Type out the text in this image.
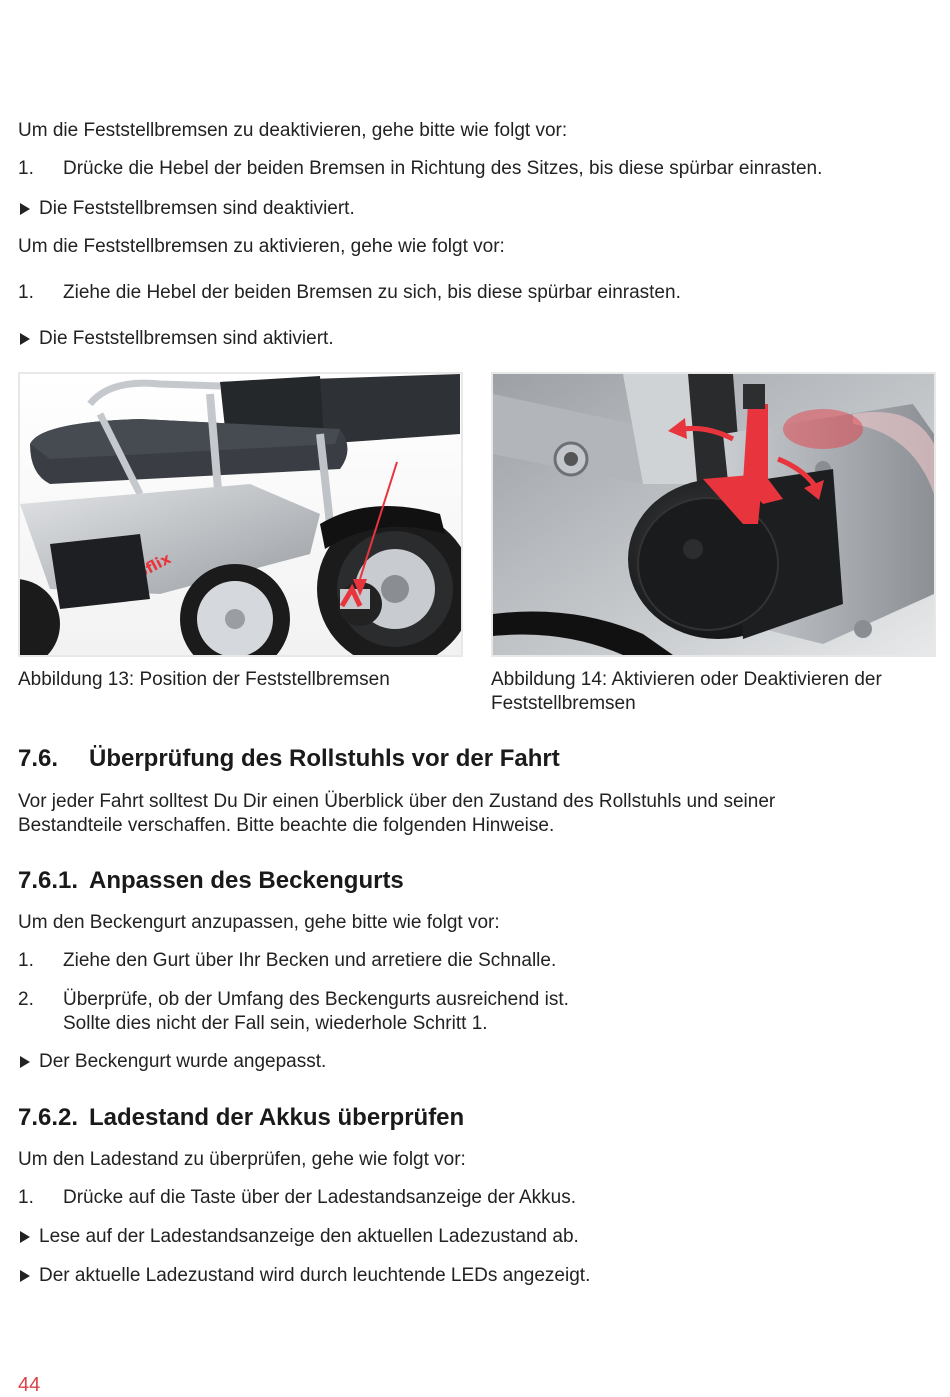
Um die Feststellbremsen zu deaktivieren, gehe bitte wie folgt vor:
1. Drücke die Hebel der beiden Bremsen in Richtung des Sitzes, bis diese spürbar einrasten.
Die Feststellbremsen sind deaktiviert.
Um die Feststellbremsen zu aktivieren, gehe wie folgt vor:
1. Ziehe die Hebel der beiden Bremsen zu sich, bis diese spürbar einrasten.
Die Feststellbremsen sind aktiviert.
Abbildung 13: Position der Feststellbremsen	Abbildung 14: Aktivieren oder Deaktivieren der Feststellbremsen
7.6. Überprüfung des Rollstuhls vor der Fahrt
Vor jeder Fahrt solltest Du Dir einen Überblick über den Zustand des Rollstuhls und seiner
Bestandteile verschaffen. Bitte beachte die folgenden Hinweise.
7.6.1. Anpassen des Beckengurts
Um den Beckengurt anzupassen, gehe bitte wie folgt vor:
1. Ziehe den Gurt über Ihr Becken und arretiere die Schnalle.
2. Überprüfe, ob der Umfang des Beckengurts ausreichend ist.
Sollte dies nicht der Fall sein, wiederhole Schritt 1.
Der Beckengurt wurde angepasst.
7.6.2. Ladestand der Akkus überprüfen
Um den Ladestand zu überprüfen, gehe wie folgt vor:
1. Drücke auf die Taste über der Ladestandsanzeige der Akkus.
Lese auf der Ladestandsanzeige den aktuellen Ladezustand ab.
Der aktuelle Ladezustand wird durch leuchtende LEDs angezeigt.
44
